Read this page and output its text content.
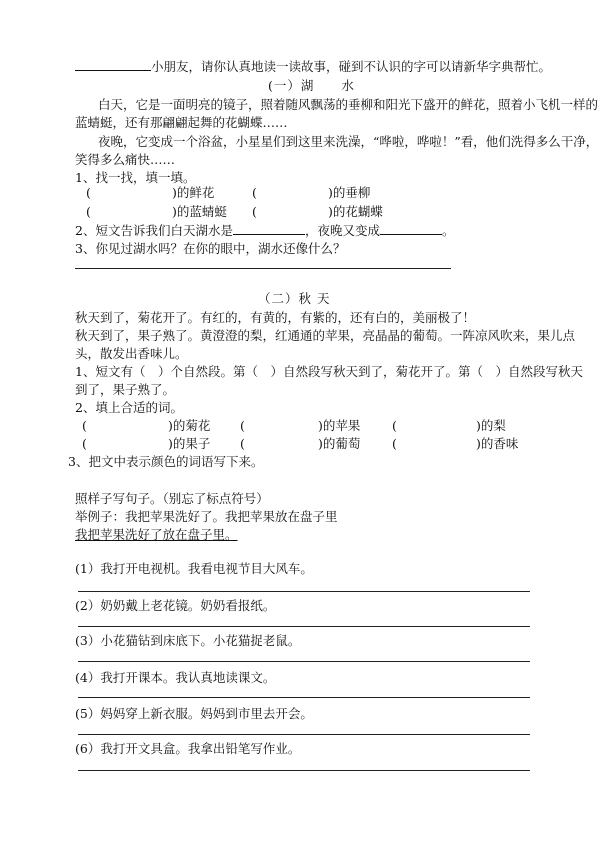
小朋友，请你认真地读一读故事，碰到不认识的字可以请新华字典帮忙。
(一）湖　　水
白天，它是一面明亮的镜子，照着随风飘荡的垂柳和阳光下盛开的鲜花，照着小飞机一样的
蓝蜻蜓，还有那翩翩起舞的花蝴蝶……
夜晚，它变成一个浴盆，小星星们到这里来洗澡，“哗啦，哗啦！”看，他们洗得多么干净，
笑得多么痛快……
1、找一找，填一填。
(	)的鲜花	(	)的垂柳
(	)的蓝蜻蜓 (	)的花蝴蝶
2、短文告诉我们白天湖水是	，夜晚又变成	。
3、你见过湖水吗？在你的眼中，湖水还像什么？
（二）秋 天
秋天到了，菊花开了。有红的，有黄的，有紫的，还有白的，美丽极了！
秋天到了，果子熟了。黄澄澄的梨，红通通的苹果，亮晶晶的葡萄。一阵凉风吹来，果儿点
头，散发出香味儿。
1、短文有（　）个自然段。第（　）自然段写秋天到了，菊花开了。第（　）自然段写秋天
到了，果子熟了。
2、填上合适的词。
(	)的菊花 (	)的苹果	(	)的梨
(	)的果子 (	)的葡萄	(	)的香味
3、把文中表示颜色的词语写下来。
照样子写句子。（别忘了标点符号）
举例子：我把苹果洗好了。我把苹果放在盘子里
我把苹果洗好了放在盘子里。
(1）我打开电视机。我看电视节目大风车。
(2）奶奶戴上老花镜。奶奶看报纸。
(3）小花猫钻到床底下。小花猫捉老鼠。
(4）我打开课本。我认真地读课文。
(5）妈妈穿上新衣服。妈妈到市里去开会。
(6）我打开文具盒。我拿出铅笔写作业。
